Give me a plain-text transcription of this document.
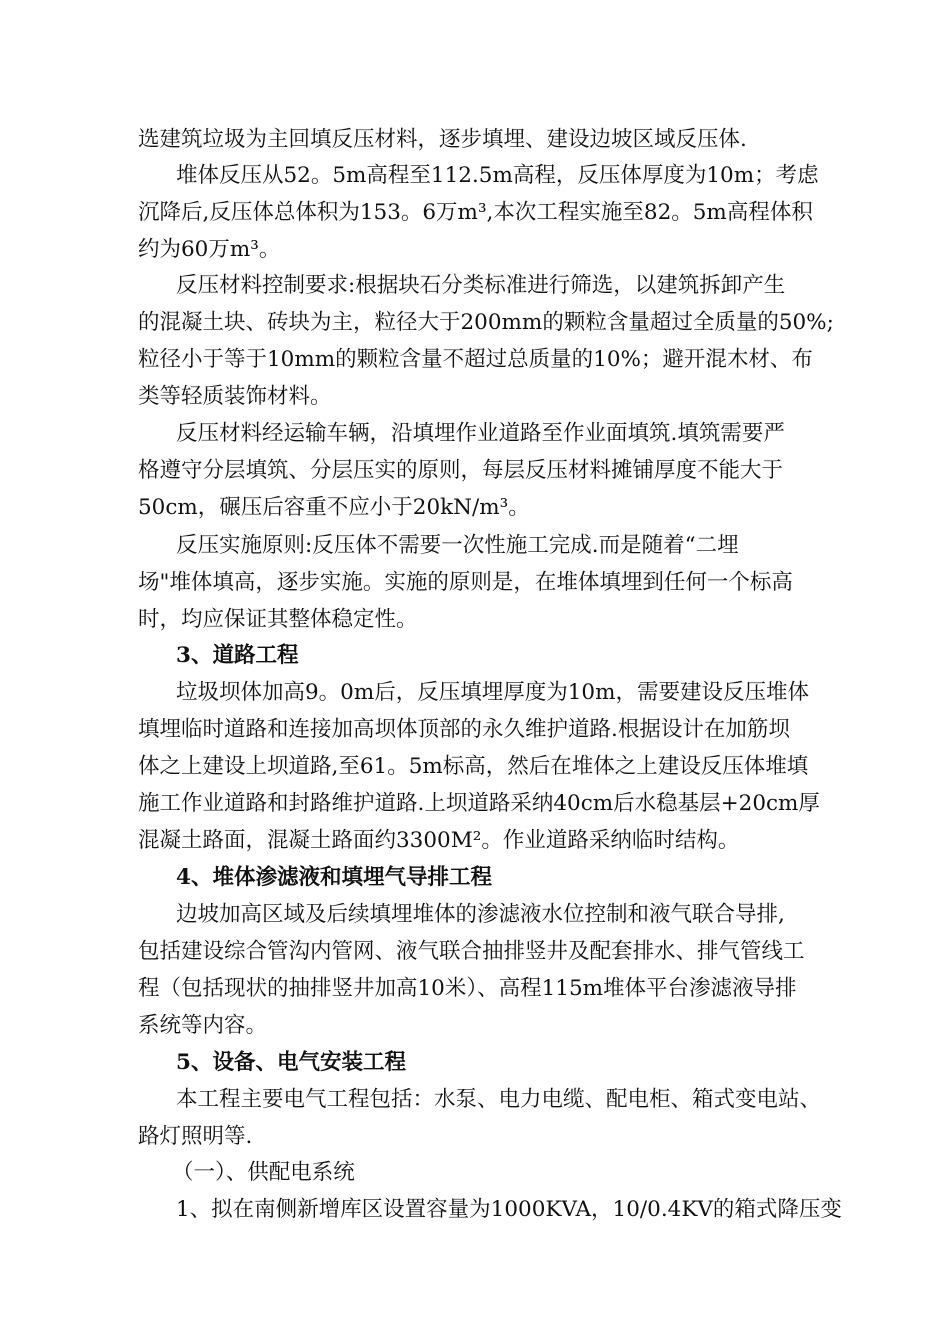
选建筑垃圾为主回填反压材料，逐步填埋、建设边坡区域反压体.

堆体反压从52。5m高程至112.5m高程，反压体厚度为10m；考虑
沉降后,反压体总体积为153。6万m³,本次工程实施至82。5m高程体积
约为60万m³。

反压材料控制要求:根据块石分类标准进行筛选，以建筑拆卸产生
的混凝土块、砖块为主，粒径大于200mm的颗粒含量超过全质量的50%;
粒径小于等于10mm的颗粒含量不超过总质量的10%；避开混木材、布
类等轻质装饰材料。

反压材料经运输车辆，沿填埋作业道路至作业面填筑.填筑需要严
格遵守分层填筑、分层压实的原则，每层反压材料摊铺厚度不能大于
50cm，碾压后容重不应小于20kN/m³。

反压实施原则:反压体不需要一次性施工完成.而是随着“二埋
场"堆体填高，逐步实施。实施的原则是，在堆体填埋到任何一个标高
时，均应保证其整体稳定性。

3、道路工程

垃圾坝体加高9。0m后，反压填埋厚度为10m，需要建设反压堆体
填埋临时道路和连接加高坝体顶部的永久维护道路.根据设计在加筋坝
体之上建设上坝道路,至61。5m标高，然后在堆体之上建设反压体堆填
施工作业道路和封路维护道路.上坝道路采纳40cm后水稳基层+20cm厚
混凝土路面，混凝土路面约3300M²。作业道路采纳临时结构。

4、堆体渗滤液和填埋气导排工程

边坡加高区域及后续填埋堆体的渗滤液水位控制和液气联合导排,
包括建设综合管沟内管网、液气联合抽排竖井及配套排水、排气管线工
程（包括现状的抽排竖井加高10米）、高程115m堆体平台渗滤液导排
系统等内容。

5、设备、电气安装工程

本工程主要电气工程包括：水泵、电力电缆、配电柜、箱式变电站、
路灯照明等.

（一）、供配电系统

1、拟在南侧新增库区设置容量为1000KVA，10/0.4KV的箱式降压变
